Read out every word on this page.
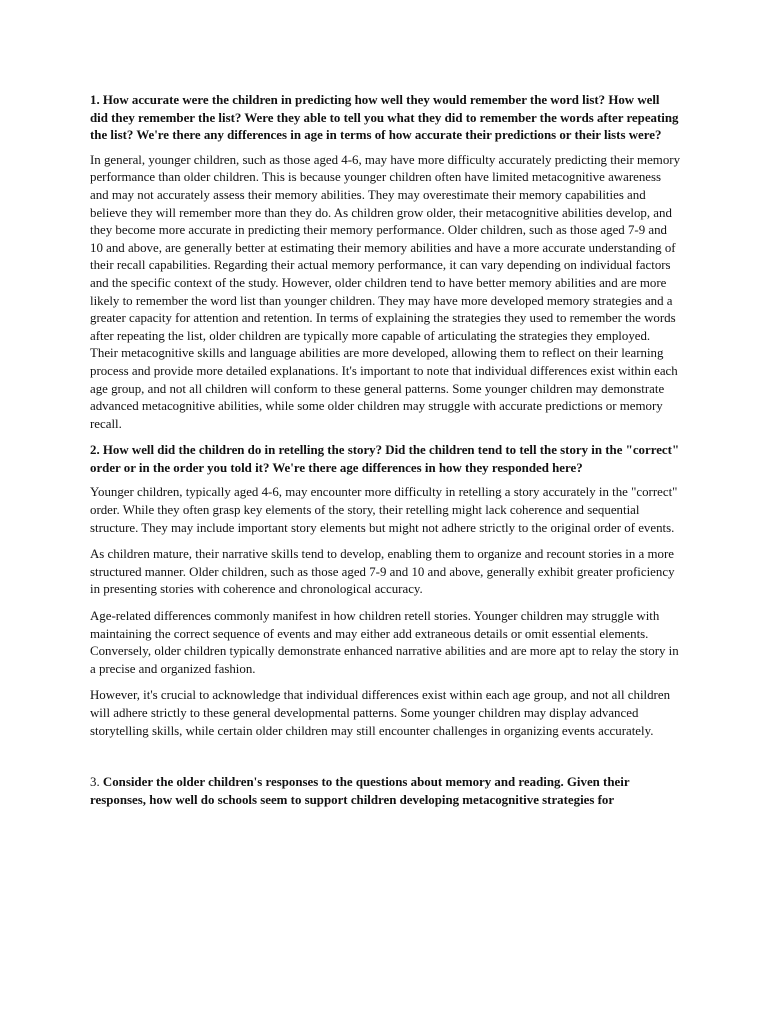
1. How accurate were the children in predicting how well they would remember the word list? How well did they remember the list? Were they able to tell you what they did to remember the words after repeating the list? We're there any differences in age in terms of how accurate their predictions or their lists were?

In general, younger children, such as those aged 4-6, may have more difficulty accurately predicting their memory performance than older children. This is because younger children often have limited metacognitive awareness and may not accurately assess their memory abilities. They may overestimate their memory capabilities and believe they will remember more than they do. As children grow older, their metacognitive abilities develop, and they become more accurate in predicting their memory performance. Older children, such as those aged 7-9 and 10 and above, are generally better at estimating their memory abilities and have a more accurate understanding of their recall capabilities. Regarding their actual memory performance, it can vary depending on individual factors and the specific context of the study. However, older children tend to have better memory abilities and are more likely to remember the word list than younger children. They may have more developed memory strategies and a greater capacity for attention and retention. In terms of explaining the strategies they used to remember the words after repeating the list, older children are typically more capable of articulating the strategies they employed. Their metacognitive skills and language abilities are more developed, allowing them to reflect on their learning process and provide more detailed explanations. It's important to note that individual differences exist within each age group, and not all children will conform to these general patterns. Some younger children may demonstrate advanced metacognitive abilities, while some older children may struggle with accurate predictions or memory recall.

2. How well did the children do in retelling the story? Did the children tend to tell the story in the "correct" order or in the order you told it? We're there age differences in how they responded here?

Younger children, typically aged 4-6, may encounter more difficulty in retelling a story accurately in the "correct" order. While they often grasp key elements of the story, their retelling might lack coherence and sequential structure. They may include important story elements but might not adhere strictly to the original order of events.

As children mature, their narrative skills tend to develop, enabling them to organize and recount stories in a more structured manner. Older children, such as those aged 7-9 and 10 and above, generally exhibit greater proficiency in presenting stories with coherence and chronological accuracy.

Age-related differences commonly manifest in how children retell stories. Younger children may struggle with maintaining the correct sequence of events and may either add extraneous details or omit essential elements. Conversely, older children typically demonstrate enhanced narrative abilities and are more apt to relay the story in a precise and organized fashion.

However, it's crucial to acknowledge that individual differences exist within each age group, and not all children will adhere strictly to these general developmental patterns. Some younger children may display advanced storytelling skills, while certain older children may still encounter challenges in organizing events accurately.

3. Consider the older children's responses to the questions about memory and reading. Given their responses, how well do schools seem to support children developing metacognitive strategies for
